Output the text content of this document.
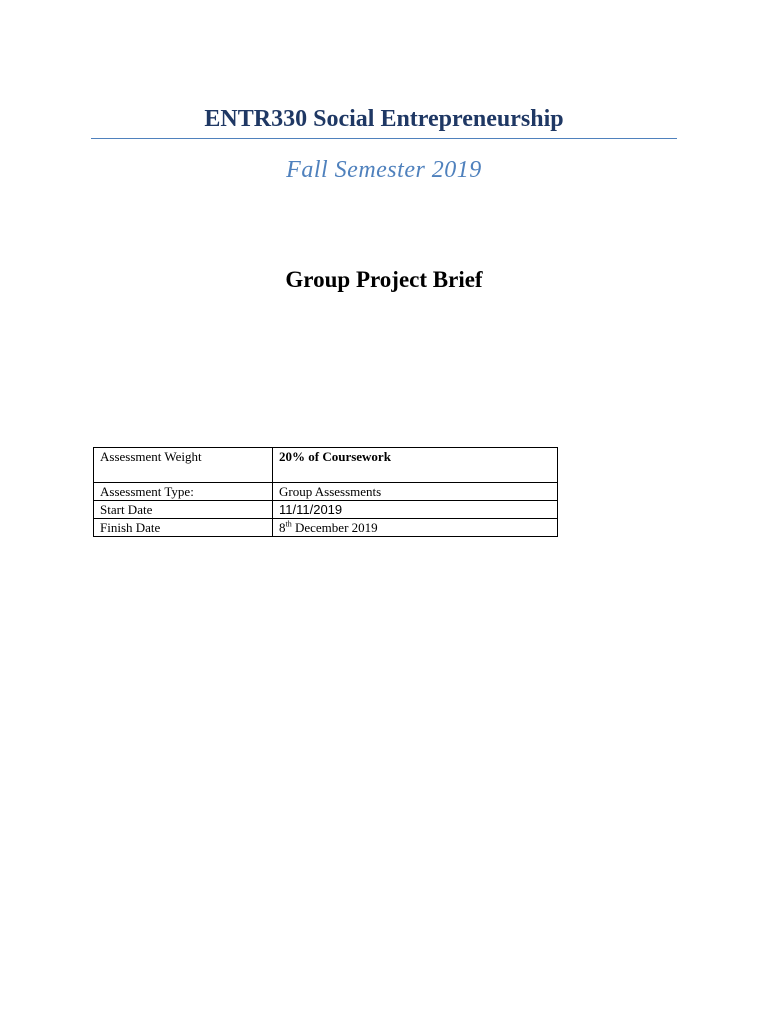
ENTR330 Social Entrepreneurship
Fall Semester 2019
Group Project Brief
Assessment Weight	20% of Coursework
Assessment Type:	Group Assessments
Start Date	11/11/2019
Finish Date	8th December 2019
